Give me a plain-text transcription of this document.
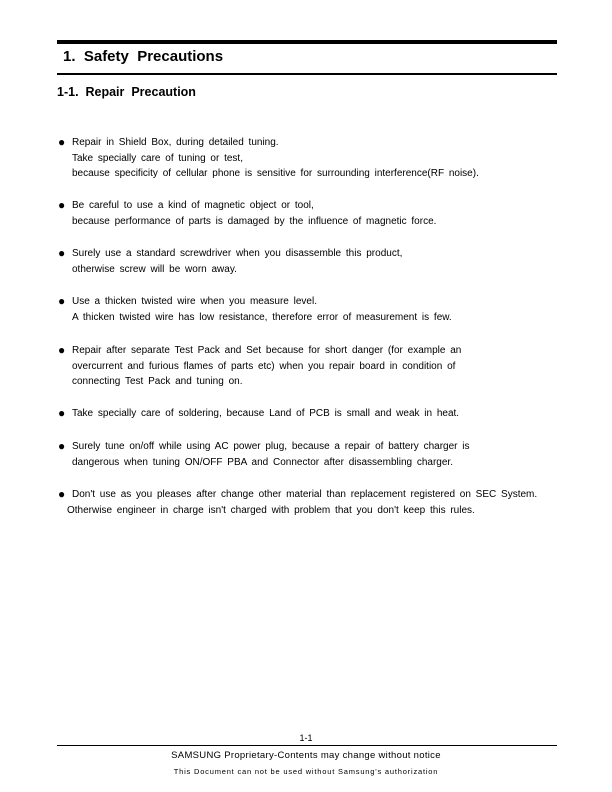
1.  Safety  Precautions
1-1.  Repair  Precaution
● Repair in Shield Box, during detailed tuning.
Take specially care of tuning or test,
because specificity of cellular phone is sensitive for surrounding interference(RF noise).
● Be careful to use a kind of magnetic object or tool,
because performance of parts is damaged by the influence of magnetic force.
● Surely use a standard screwdriver when you disassemble this product,
otherwise screw will be worn away.
● Use a thicken twisted wire when you measure level.
A thicken twisted wire has low resistance, therefore error of measurement is few.
● Repair after separate Test Pack and Set because for short danger (for example an
overcurrent and furious flames of parts etc) when you repair board in condition of
connecting Test Pack and tuning on.
● Take specially care of soldering, because Land of PCB is small and weak in heat.
● Surely tune on/off while using AC power plug, because a repair of battery charger is
dangerous when tuning ON/OFF PBA and Connector after disassembling charger.
● Don't use as you pleases after change other material than replacement registered on SEC System.
Otherwise engineer in charge isn't charged with problem that you don't keep this rules.
1-1
SAMSUNG Proprietary-Contents may change without notice
This Document can not be used without Samsung's authorization
